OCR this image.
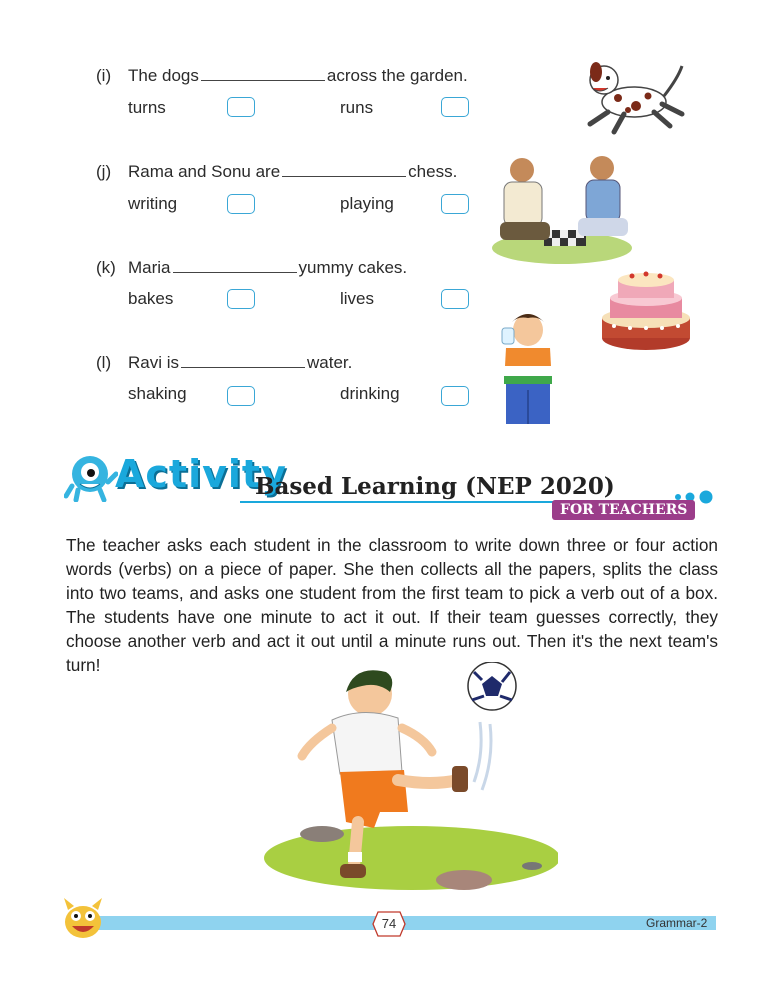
(i) The dogs	across the garden.
turns	runs
(j) Rama and Sonu are	chess.
writing	playing
(k) Maria	yummy cakes.
bakes	lives
(l) Ravi is	water.
shaking	drinking
Activity
Based Learning (NEP 2020)
FOR TEACHERS
The teacher asks each student in the classroom to write down three or four action words (verbs) on a piece of paper. She then collects all the papers, splits the class into two teams, and asks one student from the first team to pick a verb out of a box. The students have one minute to act it out. If their team guesses correctly, they choose another verb and act it out until a minute runs out. Then it's the next team's turn!
74	Grammar-2
